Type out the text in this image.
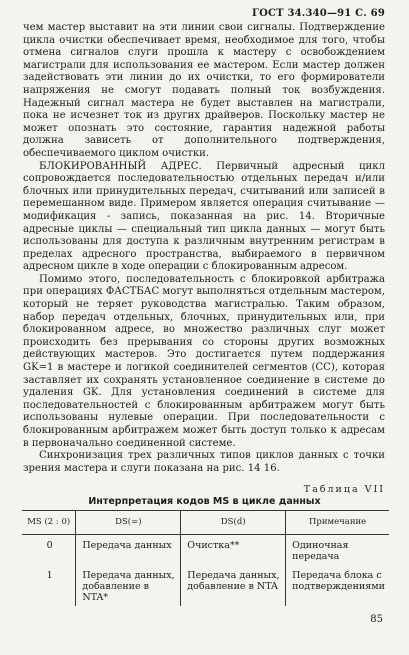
ГОСТ 34.340—91 С. 69

чем мастер выставит на эти линии свои сигналы. Подтверждение цикла очистки обеспечивает время, необходимое для того, чтобы отмена сигналов слуги прошла к мастеру с освобождением магистрали для использования ее мастером. Если мастер должен задействовать эти линии до их очистки, то его формирователи напряжения не смогут подавать полный ток возбуждения. Надежный сигнал мастера не будет выставлен на магистрали, пока не исчезнет ток из других драйверов. Поскольку мастер не может опознать это состояние, гарантия надежной работы должна зависеть от дополнительного подтверждения, обеспечиваемого циклом очистки.

БЛОКИРОВАННЫЙ АДРЕС. Первичный адресный цикл сопровождается последовательностью отдельных передач и/или блочных или принудительных передач, считываний или записей в перемешанном виде. Примером является операция считывание — модификация - запись, показанная на рис. 14. Вторичные адресные циклы — специальный тип цикла данных — могут быть использованы для доступа к различным внутренним регистрам в пределах адресного пространства, выбираемого в первичном адресном цикле в ходе операции с блокированным адресом.

Помимо этого, последовательность с блокировкой арбитража при операциях ФАСТБАС могут выполняться отдельным мастером, который не теряет руководства магистралью. Таким образом, набор передач отдельных, блочных, принудительных или, при блокированном адресе, во множество различных слуг может происходить без прерывания со стороны других возможных действующих мастеров. Это достигается путем поддержания GK=1 в мастере и логикой соединителей сегментов (СС), которая заставляет их сохранять установленное соединение в системе до удаления GK. Для установления соединений в системе для последовательностей с блокированным арбитражем могут быть использованы нулевые операции. При последовательности с блокированным арбитражем может быть доступ только к адресам в первоначально соединенной системе.

Синхронизация трех различных типов циклов данных с точки зрения мастера и слуги показана на рис. 14 16.

Таблица VII
Интерпретация кодов MS в цикле данных
MS (2 : 0)	DS(=)	DS(d)	Примечание
0	Передача данных	Очистка**	Одиночная передача
1	Передача данных, добавление в NTA*	Передача данных, добавление в NTA	Передача блока с подтверждениями
85
